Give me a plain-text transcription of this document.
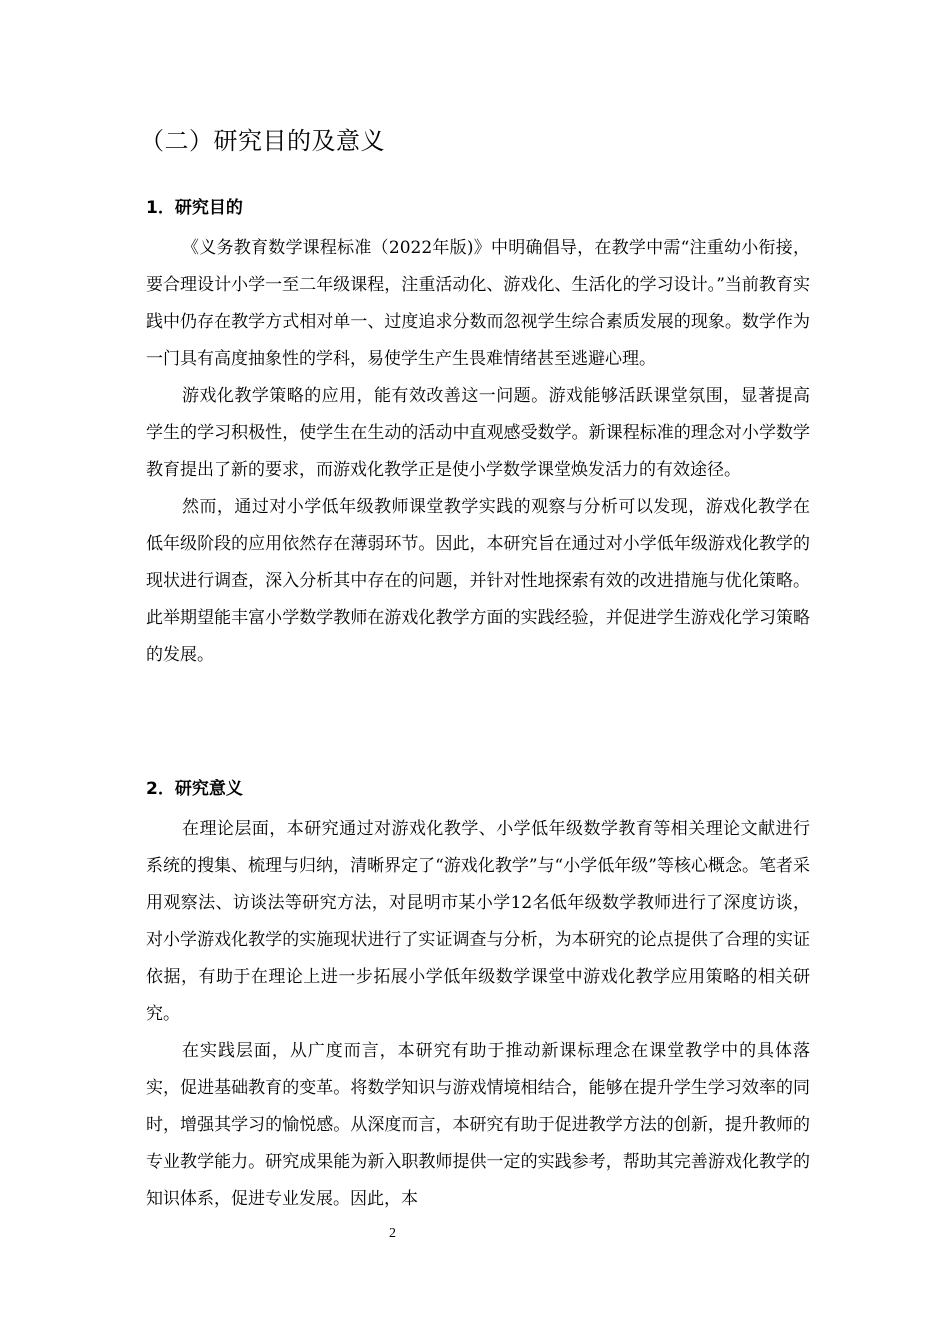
（二）研究目的及意义
1．研究目的

《义务教育数学课程标准（2022年版)》中明确倡导，在教学中需“注重幼小衔接，要合理设计小学一至二年级课程，注重活动化、游戏化、生活化的学习设计。”当前教育实践中仍存在教学方式相对单一、过度追求分数而忽视学生综合素质发展的现象。数学作为一门具有高度抽象性的学科，易使学生产生畏难情绪甚至逃避心理。

游戏化教学策略的应用，能有效改善这一问题。游戏能够活跃课堂氛围，显著提高学生的学习积极性，使学生在生动的活动中直观感受数学。新课程标准的理念对小学数学教育提出了新的要求，而游戏化教学正是使小学数学课堂焕发活力的有效途径。

然而，通过对小学低年级教师课堂教学实践的观察与分析可以发现，游戏化教学在低年级阶段的应用依然存在薄弱环节。因此，本研究旨在通过对小学低年级游戏化教学的现状进行调查，深入分析其中存在的问题，并针对性地探索有效的改进措施与优化策略。此举期望能丰富小学数学教师在游戏化教学方面的实践经验，并促进学生游戏化学习策略的发展。

2．研究意义

在理论层面，本研究通过对游戏化教学、小学低年级数学教育等相关理论文献进行系统的搜集、梳理与归纳，清晰界定了“游戏化教学”与“小学低年级”等核心概念。笔者采用观察法、访谈法等研究方法，对昆明市某小学12名低年级数学教师进行了深度访谈，对小学游戏化教学的实施现状进行了实证调查与分析，为本研究的论点提供了合理的实证依据，有助于在理论上进一步拓展小学低年级数学课堂中游戏化教学应用策略的相关研究。

在实践层面，从广度而言，本研究有助于推动新课标理念在课堂教学中的具体落实，促进基础教育的变革。将数学知识与游戏情境相结合，能够在提升学生学习效率的同时，增强其学习的愉悦感。从深度而言，本研究有助于促进教学方法的创新，提升教师的专业教学能力。研究成果能为新入职教师提供一定的实践参考，帮助其完善游戏化教学的知识体系，促进专业发展。因此，本

2
